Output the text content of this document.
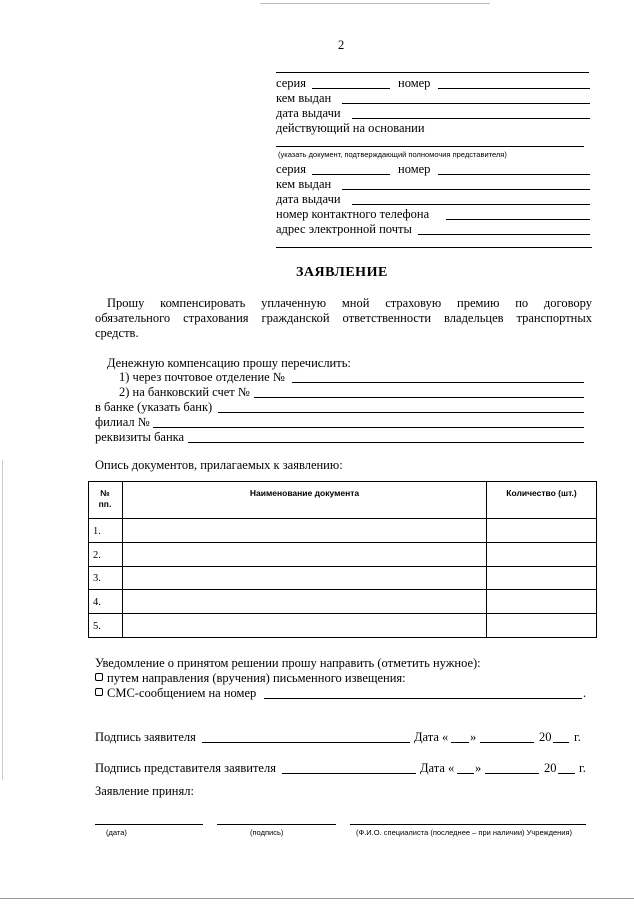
2
серия	номер
кем выдан
дата выдачи
действующий на основании
(указать документ, подтверждающий полномочия представителя)
серия	номер
кем выдан
дата выдачи
номер контактного телефона
адрес электронной почты
ЗАЯВЛЕНИЕ
Прошу компенсировать уплаченную мной страховую премию по договору
обязательного страхования гражданской ответственности владельцев транспортных
средств.
Денежную компенсацию прошу перечислить:
1) через почтовое отделение №
2) на банковский счет №
в банке (указать банк)
филиал №
реквизиты банка
Опись документов, прилагаемых к заявлению:
№
пп.
Наименование документа	Количество (шт.)
1.
2.
3.
4.
5.
Уведомление о принятом решении прошу направить (отметить нужное):
путем направления (вручения) письменного извещения:
СМС-сообщением на номер	.
Подпись заявителя	Дата « »	20 г.
Подпись представителя заявителя	Дата « »	20 г.
Заявление принял:
(дата)	(подпись)	(Ф.И.О. специалиста (последнее – при наличии) Учреждения)
